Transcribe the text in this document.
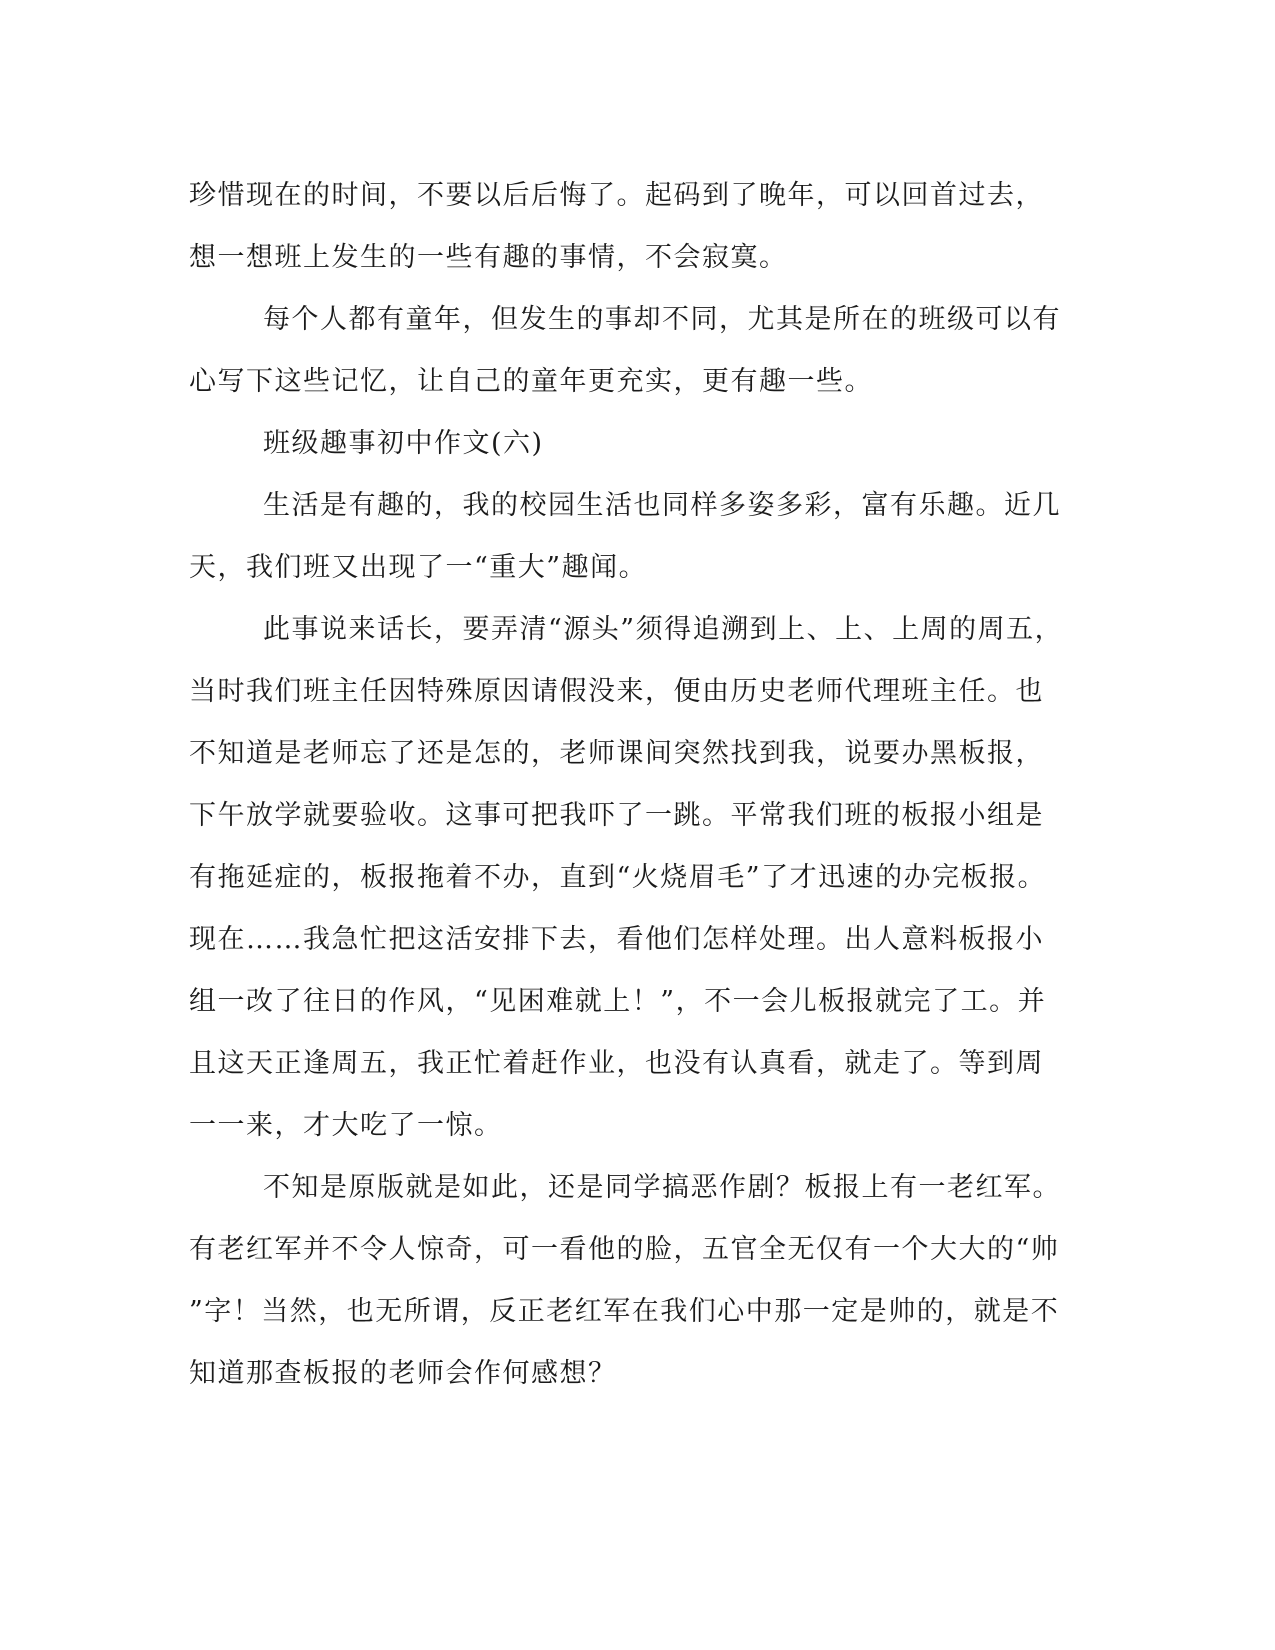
珍惜现在的时间，不要以后后悔了。起码到了晚年，可以回首过去，
想一想班上发生的一些有趣的事情，不会寂寞。
每个人都有童年，但发生的事却不同，尤其是所在的班级可以有
心写下这些记忆，让自己的童年更充实，更有趣一些。
班级趣事初中作文(六)
生活是有趣的，我的校园生活也同样多姿多彩，富有乐趣。近几
天，我们班又出现了一“重大”趣闻。
此事说来话长，要弄清“源头”须得追溯到上、上、上周的周五，
当时我们班主任因特殊原因请假没来，便由历史老师代理班主任。也
不知道是老师忘了还是怎的，老师课间突然找到我，说要办黑板报，
下午放学就要验收。这事可把我吓了一跳。平常我们班的板报小组是
有拖延症的，板报拖着不办，直到“火烧眉毛”了才迅速的办完板报。
现在……我急忙把这活安排下去，看他们怎样处理。出人意料板报小
组一改了往日的作风，“见困难就上！”，不一会儿板报就完了工。并
且这天正逢周五，我正忙着赶作业，也没有认真看，就走了。等到周
一一来，才大吃了一惊。
不知是原版就是如此，还是同学搞恶作剧？板报上有一老红军。
有老红军并不令人惊奇，可一看他的脸，五官全无仅有一个大大的“帅
”字！当然，也无所谓，反正老红军在我们心中那一定是帅的，就是不
知道那查板报的老师会作何感想？
